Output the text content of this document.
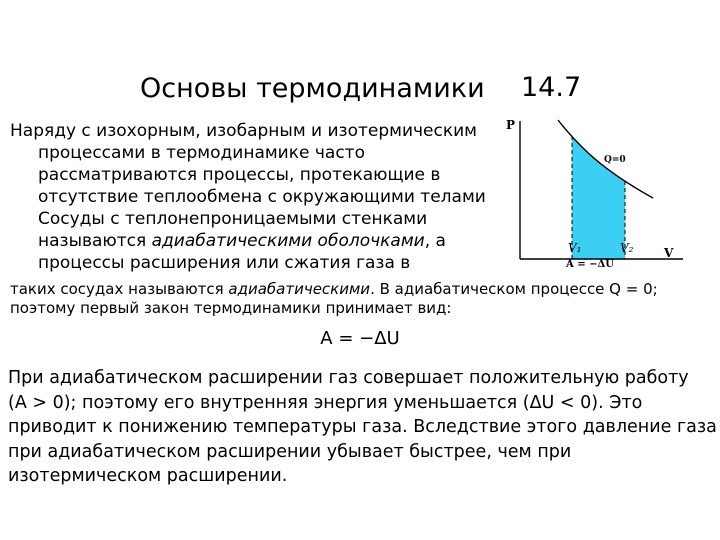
Основы термодинамики 14.7
Наряду с изохорным, изобарным и изотермическим
процессами в термодинамике часто
рассматриваются процессы, протекающие в
отсутствие теплообмена с окружающими телами
Сосуды с теплонепроницаемыми стенками
называются адиабатическими оболочками, а
процессы расширения или сжатия газа в
P
V
Q=0
V₁	V₂
A = −ΔU
таких сосудах называются адиабатическими. В адиабатическом процессе Q = 0;
поэтому первый закон термодинамики принимает вид:
A = −ΔU
При адиабатическом расширении газ совершает положительную работу
(A > 0); поэтому его внутренняя энергия уменьшается (ΔU < 0). Это
приводит к понижению температуры газа. Вследствие этого давление газа
при адиабатическом расширении убывает быстрее, чем при
изотермическом расширении.
